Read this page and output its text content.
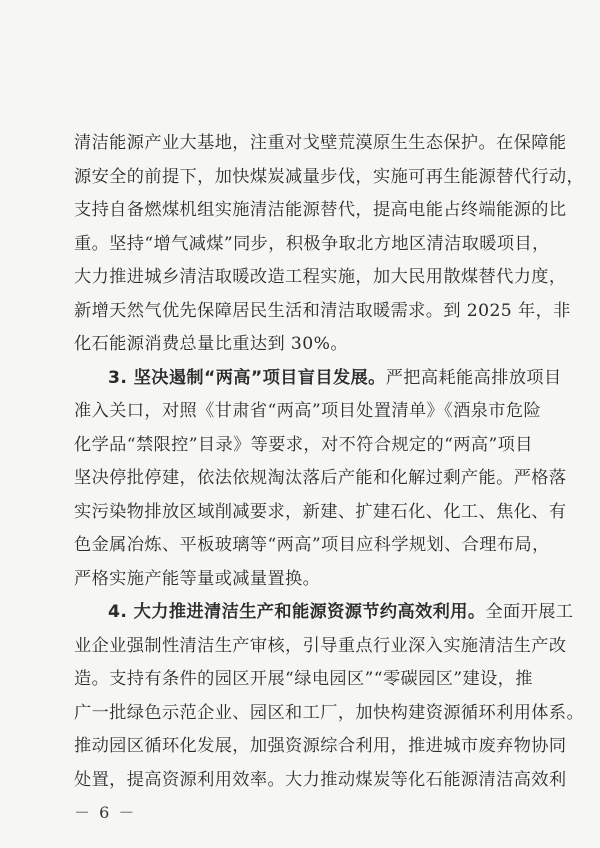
清洁能源产业大基地，注重对戈壁荒漠原生生态保护。在保障能
源安全的前提下，加快煤炭减量步伐，实施可再生能源替代行动，
支持自备燃煤机组实施清洁能源替代，提高电能占终端能源的比
重。坚持“增气减煤”同步，积极争取北方地区清洁取暖项目，
大力推进城乡清洁取暖改造工程实施，加大民用散煤替代力度，
新增天然气优先保障居民生活和清洁取暖需求。到 2025 年，非
化石能源消费总量比重达到 30%。
3. 坚决遏制“两高”项目盲目发展。严把高耗能高排放项目
准入关口，对照《甘肃省“两高”项目处置清单》《酒泉市危险
化学品“禁限控”目录》等要求，对不符合规定的“两高”项目
坚决停批停建，依法依规淘汰落后产能和化解过剩产能。严格落
实污染物排放区域削减要求，新建、扩建石化、化工、焦化、有
色金属冶炼、平板玻璃等“两高”项目应科学规划、合理布局，
严格实施产能等量或减量置换。
4. 大力推进清洁生产和能源资源节约高效利用。全面开展工
业企业强制性清洁生产审核，引导重点行业深入实施清洁生产改
造。支持有条件的园区开展“绿电园区”“零碳园区”建设，推
广一批绿色示范企业、园区和工厂，加快构建资源循环利用体系。
推动园区循环化发展，加强资源综合利用，推进城市废弃物协同
处置，提高资源利用效率。大力推动煤炭等化石能源清洁高效利
－ 6 －
